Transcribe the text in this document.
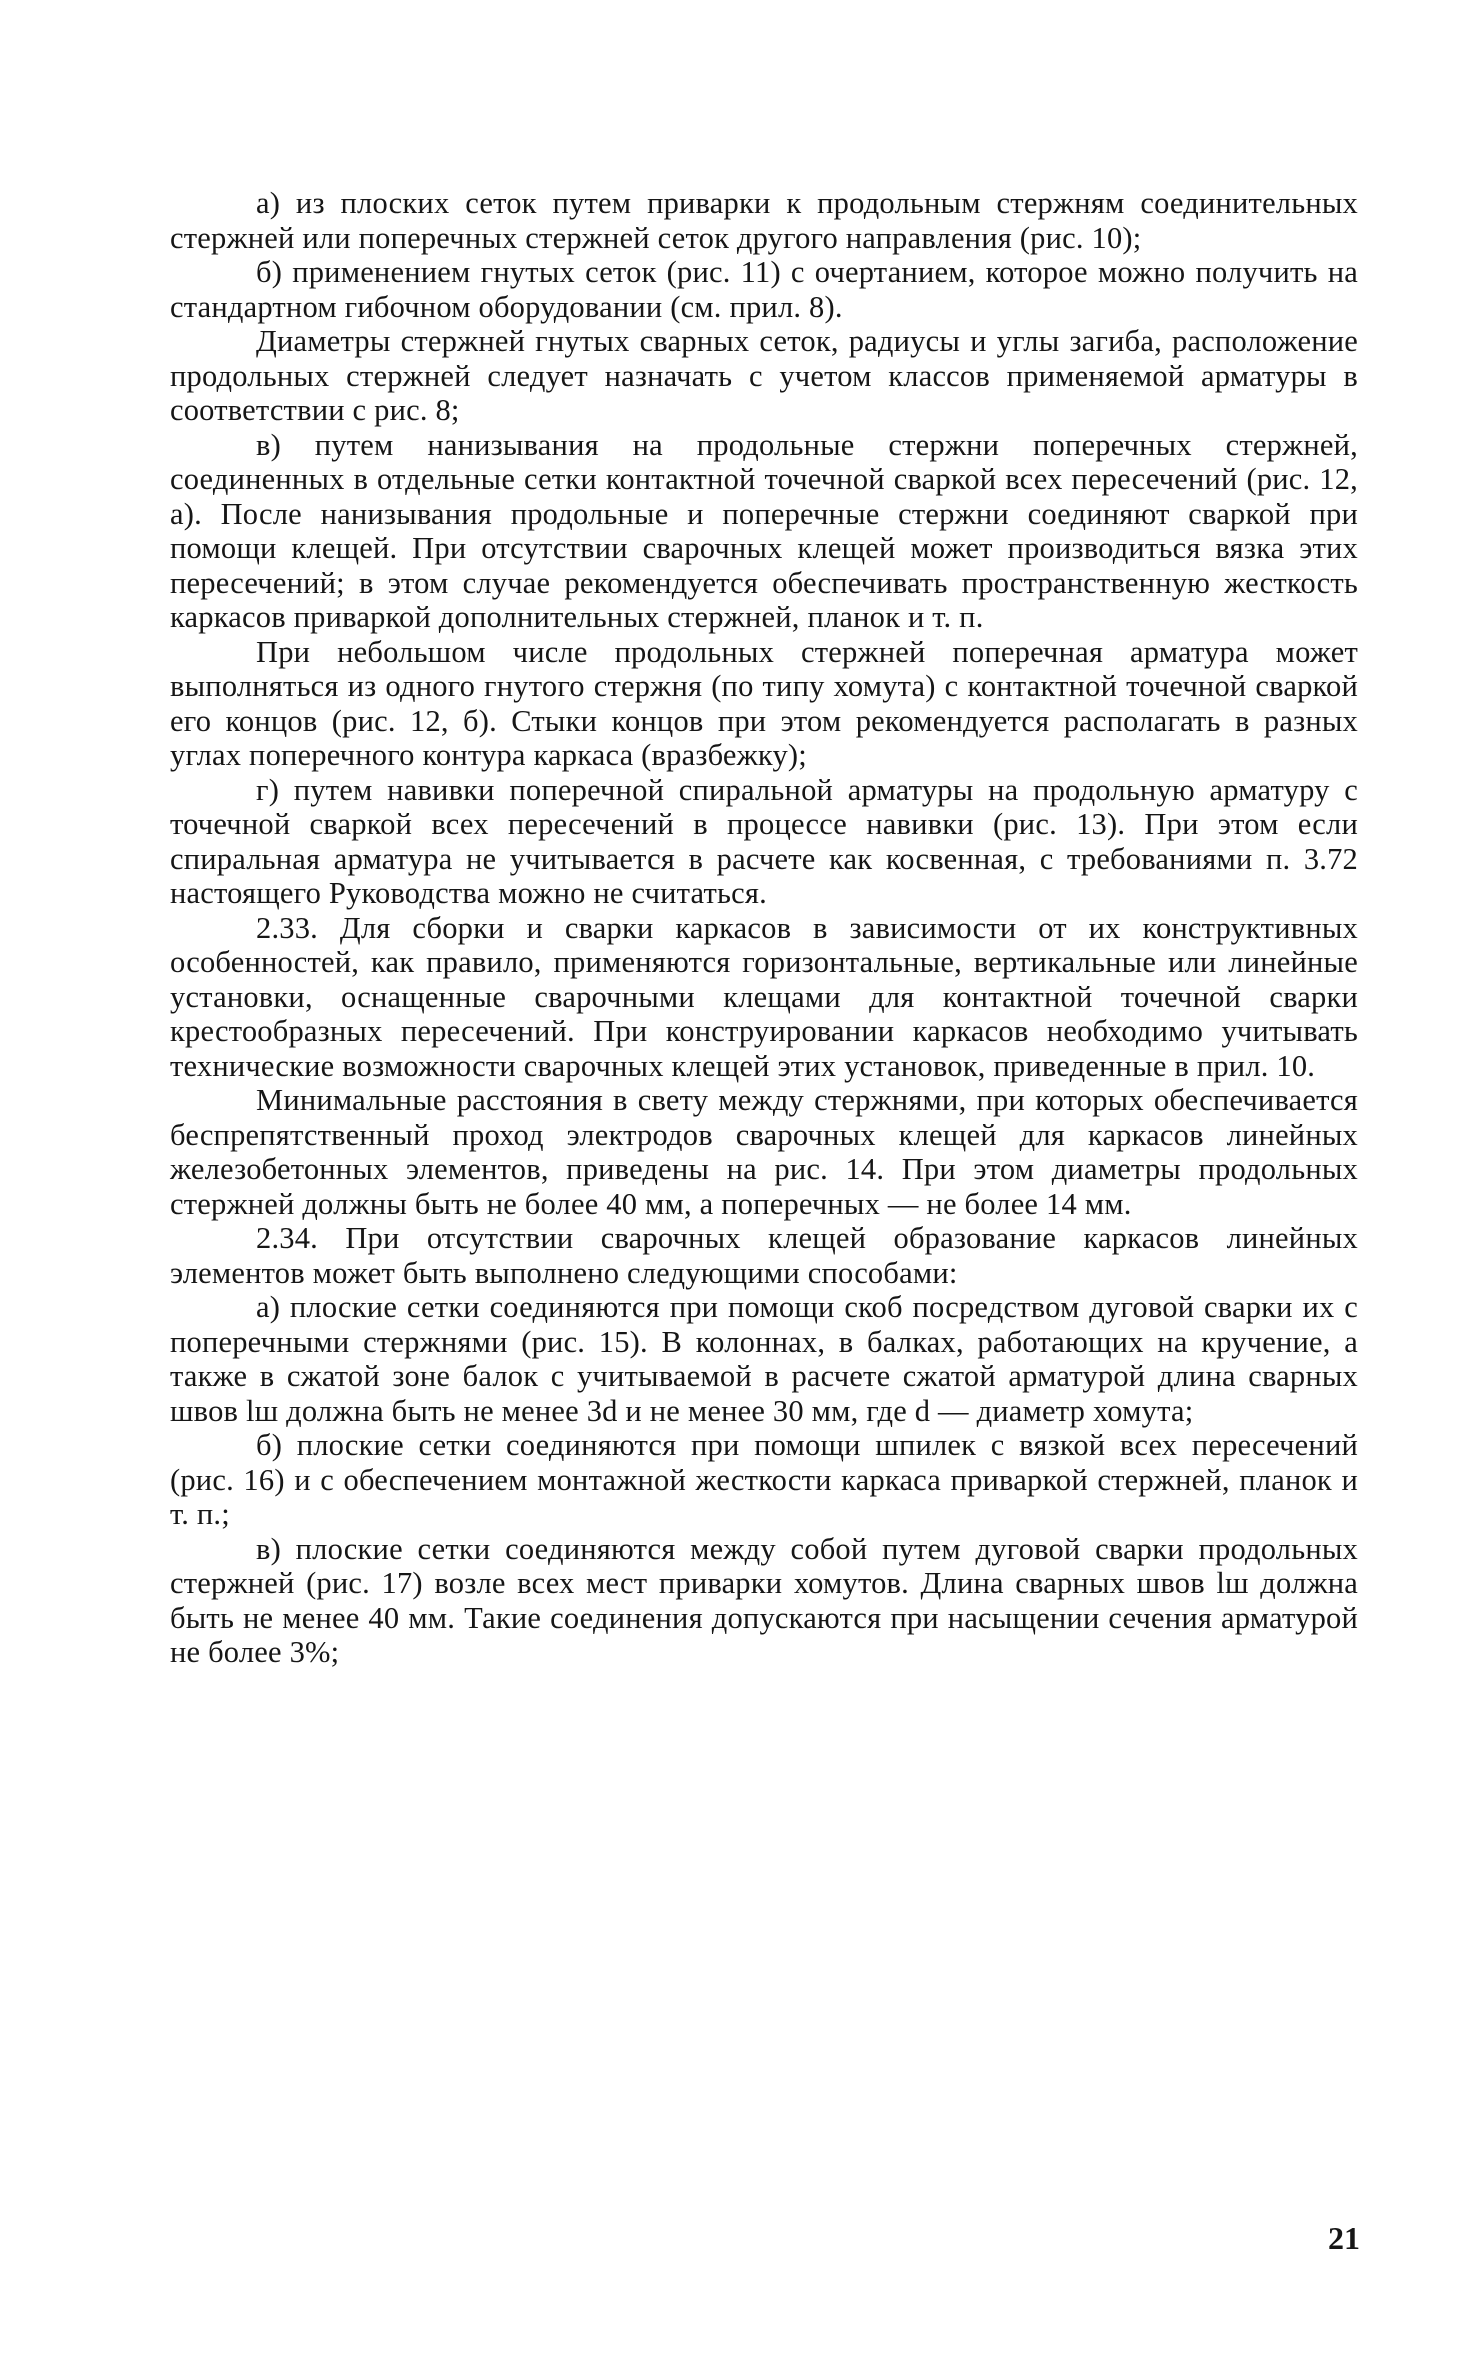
а) из плоских сеток путем приварки к продольным стержням соединительных стержней или поперечных стержней сеток другого направления (рис. 10);

б) применением гнутых сеток (рис. 11) с очертанием, которое можно получить на стандартном гибочном оборудовании (см. прил. 8).

Диаметры стержней гнутых сварных сеток, радиусы и углы загиба, расположение продольных стержней следует назначать с учетом классов применяемой арматуры в соответствии с рис. 8;

в) путем нанизывания на продольные стержни поперечных стержней, соединенных в отдельные сетки контактной точечной сваркой всех пересечений (рис. 12, а). После нанизывания продольные и поперечные стержни соединяют сваркой при помощи клещей. При отсутствии сварочных клещей может производиться вязка этих пересечений; в этом случае рекомендуется обеспечивать пространственную жесткость каркасов приваркой дополнительных стержней, планок и т. п.

При небольшом числе продольных стержней поперечная арматура может выполняться из одного гнутого стержня (по типу хомута) с контактной точечной сваркой его концов (рис. 12, б). Стыки концов при этом рекомендуется располагать в разных углах поперечного контура каркаса (вразбежку);

г) путем навивки поперечной спиральной арматуры на продольную арматуру с точечной сваркой всех пересечений в процессе навивки (рис. 13). При этом если спиральная арматура не учитывается в расчете как косвенная, с требованиями п. 3.72 настоящего Руководства можно не считаться.

2.33. Для сборки и сварки каркасов в зависимости от их конструктивных особенностей, как правило, применяются горизонтальные, вертикальные или линейные установки, оснащенные сварочными клещами для контактной точечной сварки крестообразных пересечений. При конструировании каркасов необходимо учитывать технические возможности сварочных клещей этих установок, приведенные в прил. 10.

Минимальные расстояния в свету между стержнями, при которых обеспечивается беспрепятственный проход электродов сварочных клещей для каркасов линейных железобетонных элементов, приведены на рис. 14. При этом диаметры продольных стержней должны быть не более 40 мм, а поперечных — не более 14 мм.

2.34. При отсутствии сварочных клещей образование каркасов линейных элементов может быть выполнено следующими способами:

а) плоские сетки соединяются при помощи скоб посредством дуговой сварки их с поперечными стержнями (рис. 15). В колоннах, в балках, работающих на кручение, а также в сжатой зоне балок с учитываемой в расчете сжатой арматурой длина сварных швов lш должна быть не менее 3d и не менее 30 мм, где d — диаметр хомута;

б) плоские сетки соединяются при помощи шпилек с вязкой всех пересечений (рис. 16) и с обеспечением монтажной жесткости каркаса приваркой стержней, планок и т. п.;

в) плоские сетки соединяются между собой путем дуговой сварки продольных стержней (рис. 17) возле всех мест приварки хомутов. Длина сварных швов lш должна быть не менее 40 мм. Такие соединения допускаются при насыщении сечения арматурой не более 3%;

21
